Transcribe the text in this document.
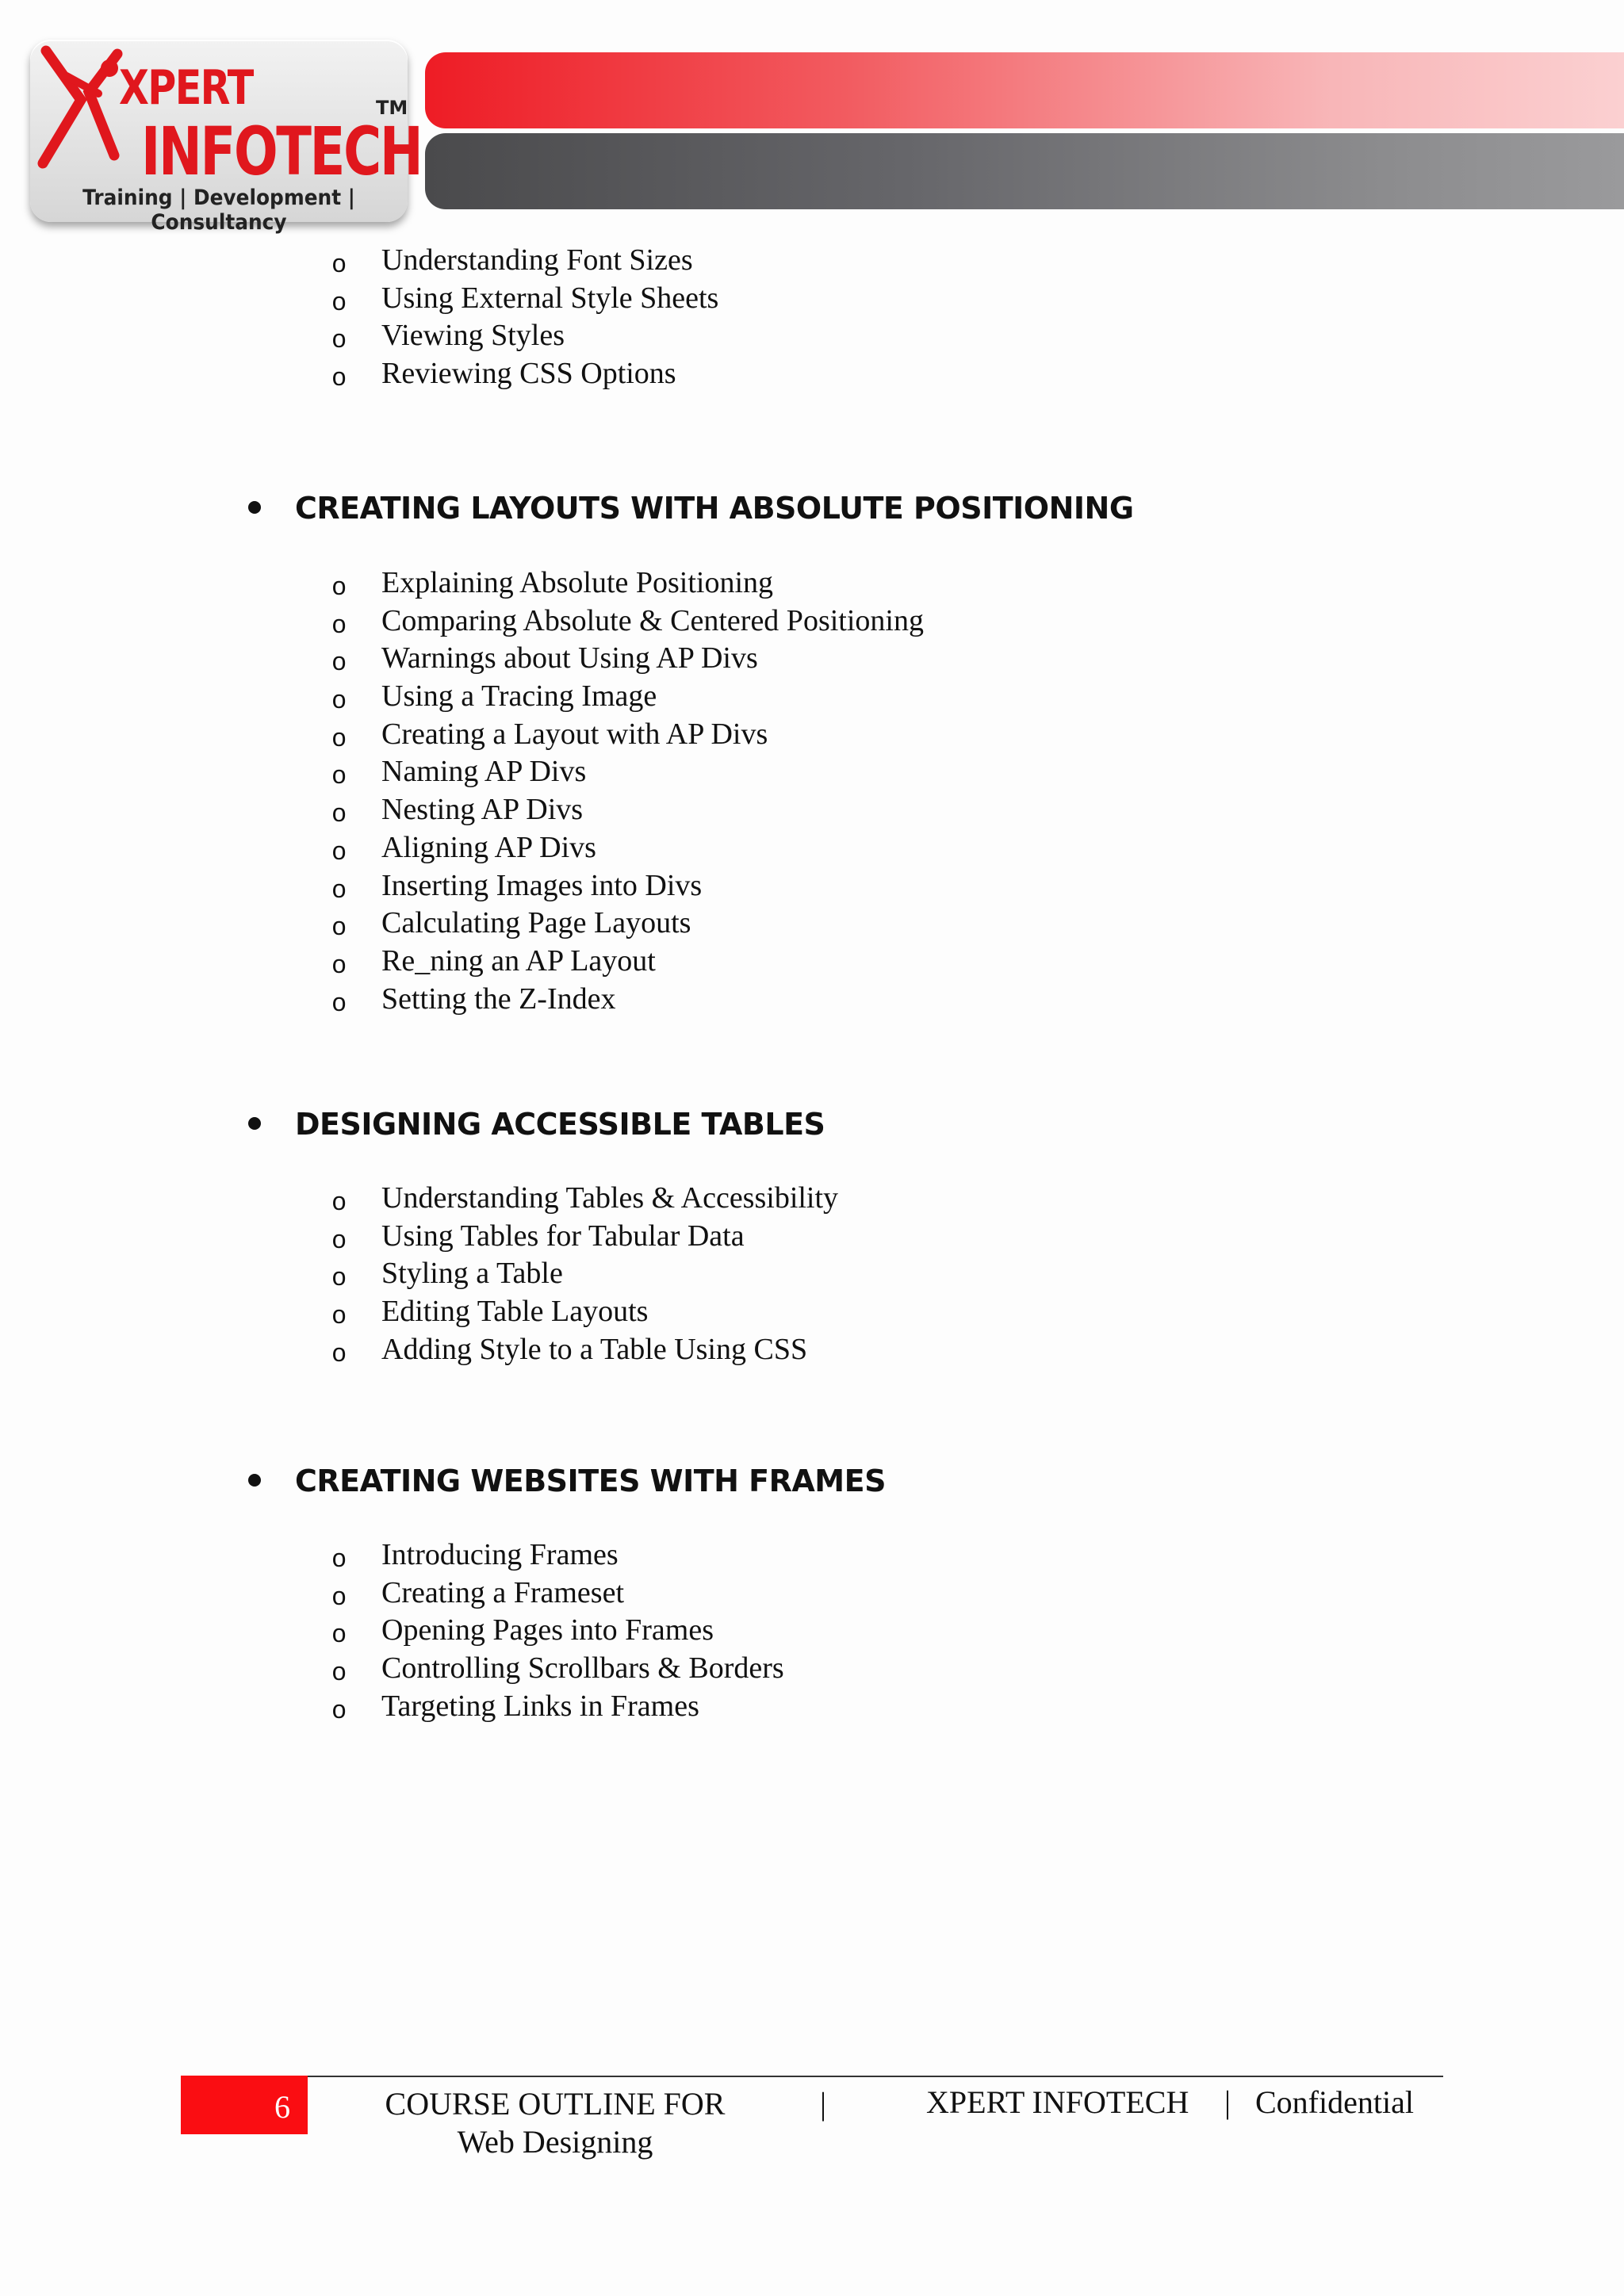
XPERT
INFOTECH
TM
Training | Development | Consultancy
o Understanding Font Sizes
o Using External Style Sheets
o Viewing Styles
o Reviewing CSS Options
CREATING LAYOUTS WITH ABSOLUTE POSITIONING
o Explaining Absolute Positioning
o Comparing Absolute & Centered Positioning
o Warnings about Using AP Divs
o Using a Tracing Image
o Creating a Layout with AP Divs
o Naming AP Divs
o Nesting AP Divs
o Aligning AP Divs
o Inserting Images into Divs
o Calculating Page Layouts
o Re_ning an AP Layout
o Setting the Z-Index
DESIGNING ACCESSIBLE TABLES
o Understanding Tables & Accessibility
o Using Tables for Tabular Data
o Styling a Table
o Editing Table Layouts
o Adding Style to a Table Using CSS
CREATING WEBSITES WITH FRAMES
o Introducing Frames
o Creating a Frameset
o Opening Pages into Frames
o Controlling Scrollbars & Borders
o Targeting Links in Frames
6	COURSE OUTLINE FOR
Web Designing
|	XPERT INFOTECH | Confidential
